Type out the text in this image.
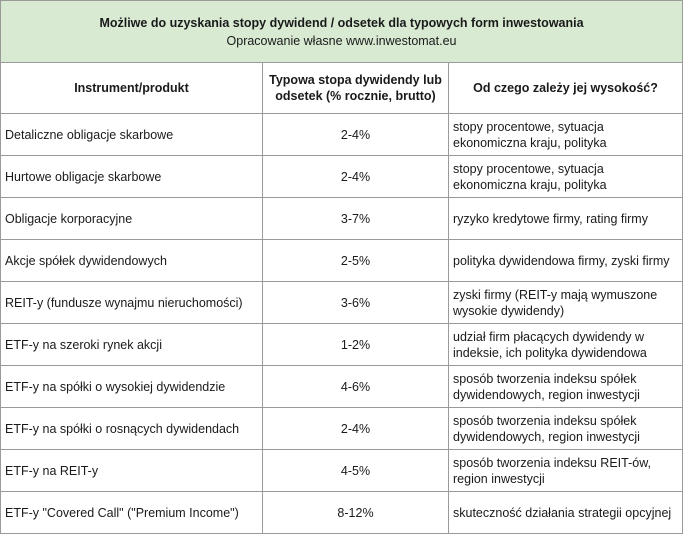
Możliwe do uzyskania stopy dywidend / odsetek dla typowych form inwestowania
Opracowanie własne www.inwestomat.eu		

Instrument/produkt	Typowa stopa dywidendy lub odsetek (% rocznie, brutto)	Od czego zależy jej wysokość?
Detaliczne obligacje skarbowe	2-4%	stopy procentowe, sytuacja ekonomiczna kraju, polityka
Hurtowe obligacje skarbowe	2-4%	stopy procentowe, sytuacja ekonomiczna kraju, polityka
Obligacje korporacyjne	3-7%	ryzyko kredytowe firmy, rating firmy
Akcje spółek dywidendowych	2-5%	polityka dywidendowa firmy, zyski firmy
REIT-y (fundusze wynajmu nieruchomości)	3-6%	zyski firmy (REIT-y mają wymuszone wysokie dywidendy)
ETF-y na szeroki rynek akcji	1-2%	udział firm płacących dywidendy w indeksie, ich polityka dywidendowa
ETF-y na spółki o wysokiej dywidendzie	4-6%	sposób tworzenia indeksu spółek dywidendowych, region inwestycji
ETF-y na spółki o rosnących dywidendach	2-4%	sposób tworzenia indeksu spółek dywidendowych, region inwestycji
ETF-y na REIT-y	4-5%	sposób tworzenia indeksu REIT-ów, region inwestycji
ETF-y "Covered Call" ("Premium Income")	8-12%	skuteczność działania strategii opcyjnej
